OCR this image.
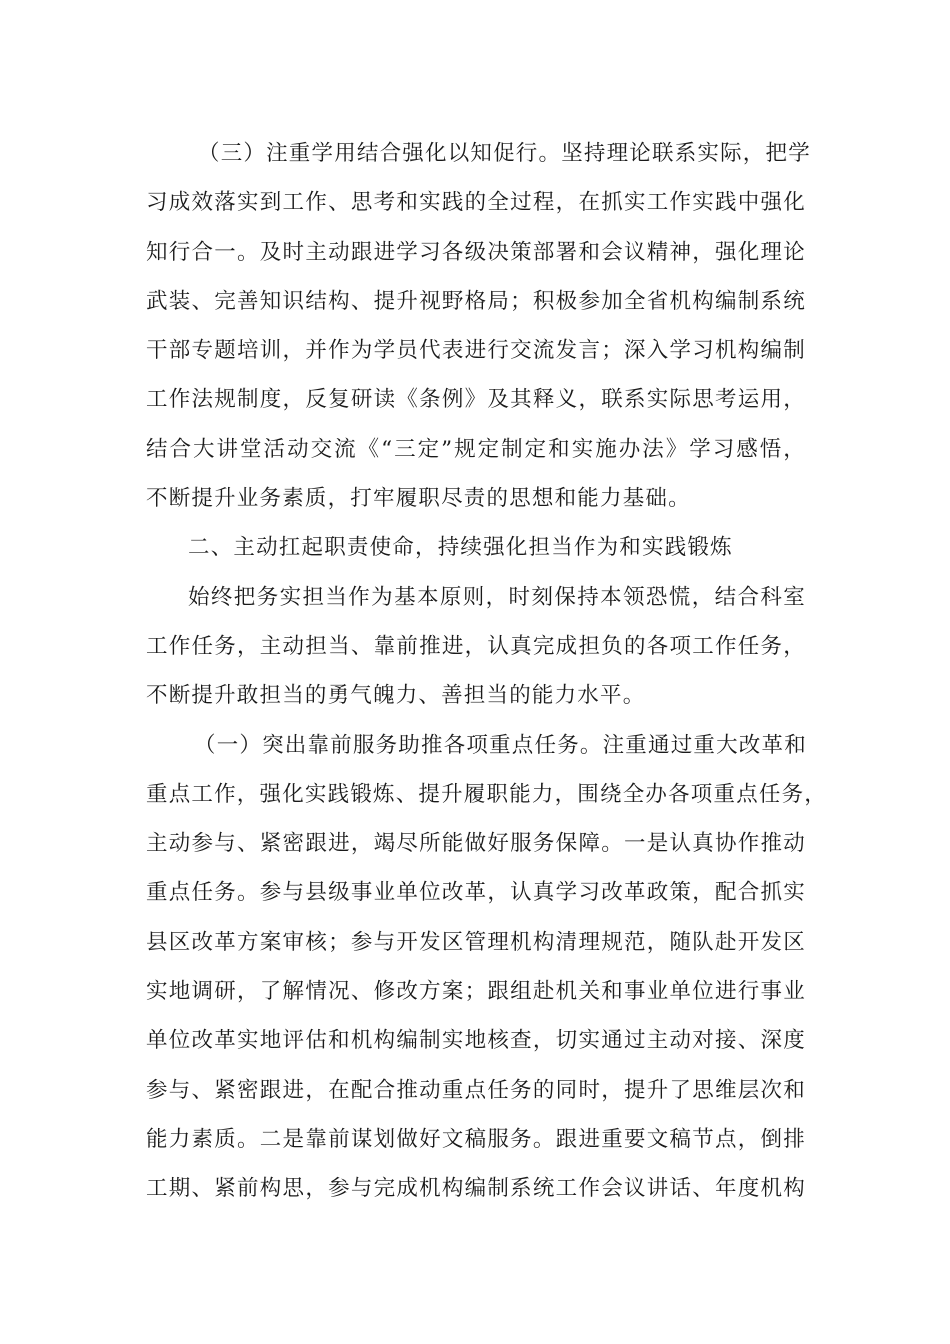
（三）注重学用结合强化以知促行。坚持理论联系实际，把学
习成效落实到工作、思考和实践的全过程，在抓实工作实践中强化
知行合一。及时主动跟进学习各级决策部署和会议精神，强化理论
武装、完善知识结构、提升视野格局；积极参加全省机构编制系统
干部专题培训，并作为学员代表进行交流发言；深入学习机构编制
工作法规制度，反复研读《条例》及其释义，联系实际思考运用，
结合大讲堂活动交流《“三定”规定制定和实施办法》学习感悟，
不断提升业务素质，打牢履职尽责的思想和能力基础。
二、主动扛起职责使命，持续强化担当作为和实践锻炼
始终把务实担当作为基本原则，时刻保持本领恐慌，结合科室
工作任务，主动担当、靠前推进，认真完成担负的各项工作任务，
不断提升敢担当的勇气魄力、善担当的能力水平。
（一）突出靠前服务助推各项重点任务。注重通过重大改革和
重点工作，强化实践锻炼、提升履职能力，围绕全办各项重点任务，
主动参与、紧密跟进，竭尽所能做好服务保障。一是认真协作推动
重点任务。参与县级事业单位改革，认真学习改革政策，配合抓实
县区改革方案审核；参与开发区管理机构清理规范，随队赴开发区
实地调研，了解情况、修改方案；跟组赴机关和事业单位进行事业
单位改革实地评估和机构编制实地核查，切实通过主动对接、深度
参与、紧密跟进，在配合推动重点任务的同时，提升了思维层次和
能力素质。二是靠前谋划做好文稿服务。跟进重要文稿节点，倒排
工期、紧前构思，参与完成机构编制系统工作会议讲话、年度机构
